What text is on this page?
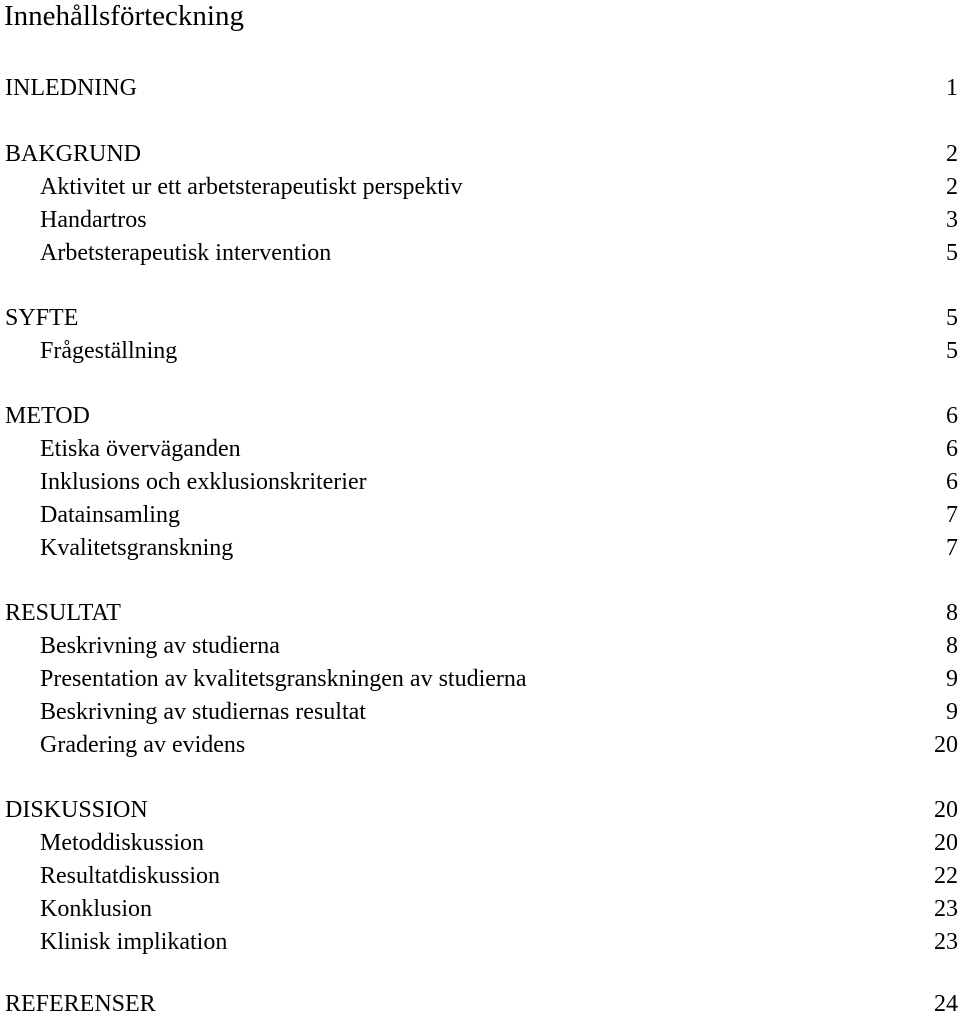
Innehållsförteckning
INLEDNING	1
BAKGRUND	2
Aktivitet ur ett arbetsterapeutiskt perspektiv	2
Handartros	3
Arbetsterapeutisk intervention	5
SYFTE	5
Frågeställning	5
METOD	6
Etiska överväganden	6
Inklusions och exklusionskriterier	6
Datainsamling	7
Kvalitetsgranskning	7
RESULTAT	8
Beskrivning av studierna	8
Presentation av kvalitetsgranskningen av studierna	9
Beskrivning av studiernas resultat	9
Gradering av evidens	20
DISKUSSION	20
Metoddiskussion	20
Resultatdiskussion	22
Konklusion	23
Klinisk implikation	23
REFERENSER	24
